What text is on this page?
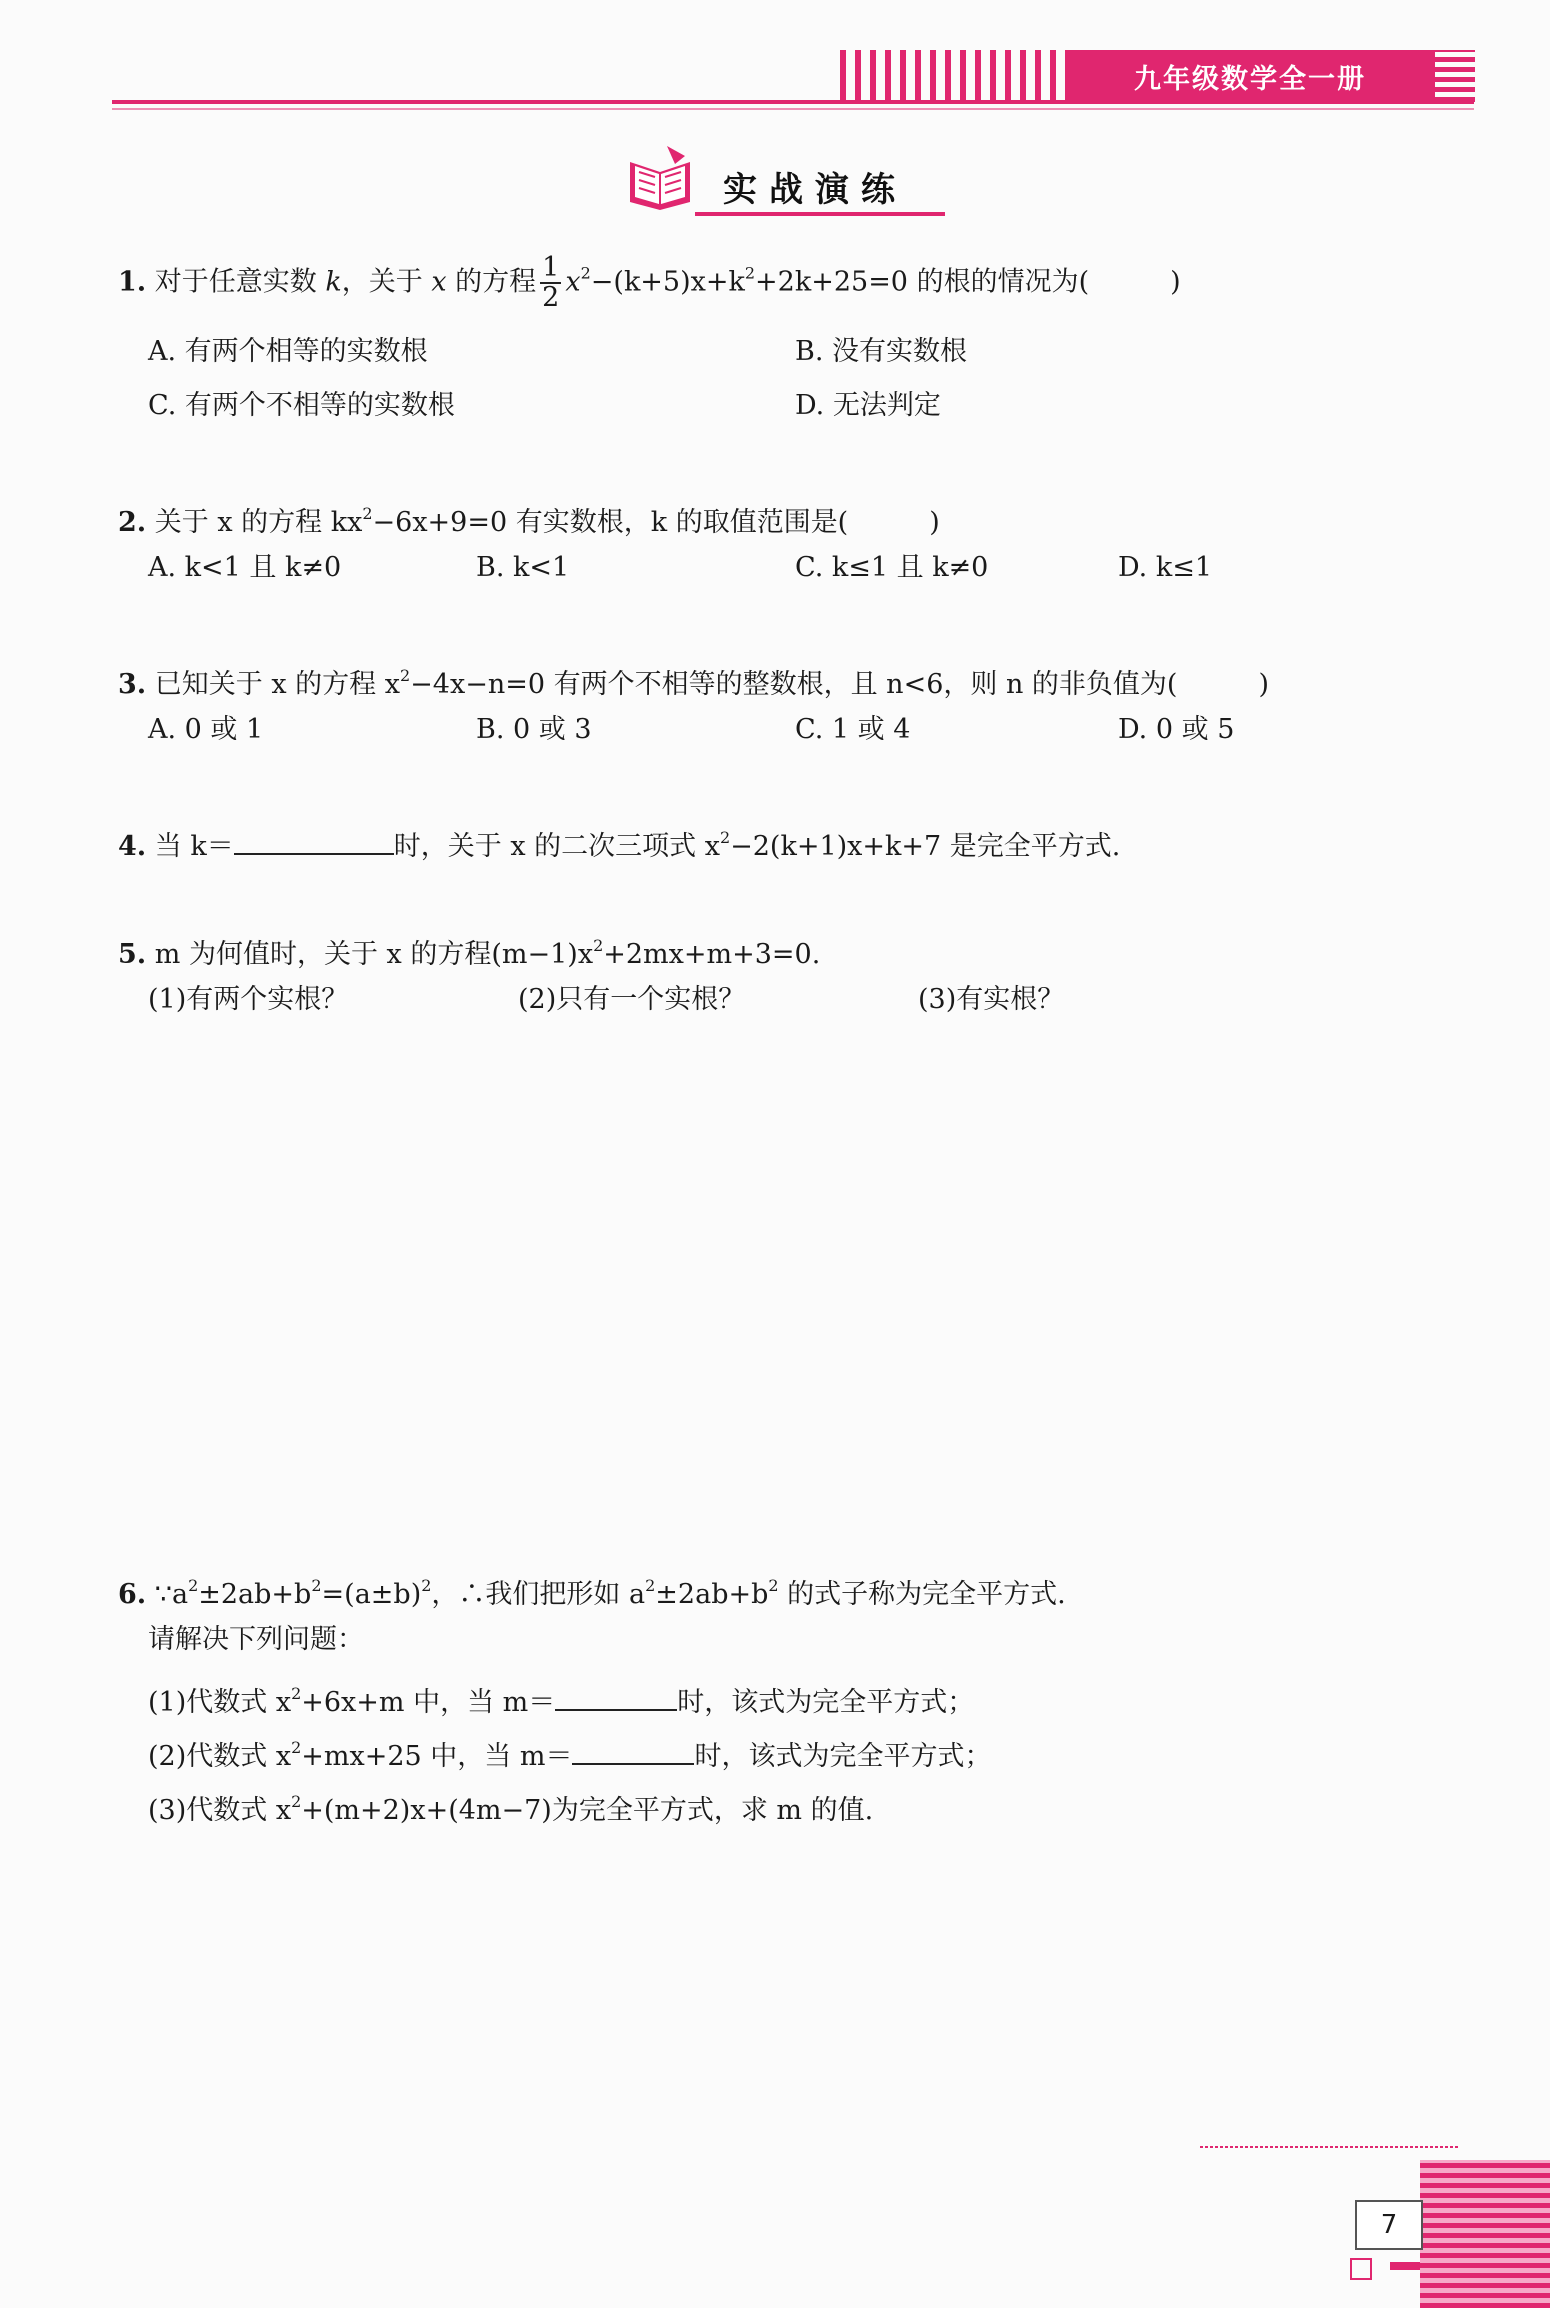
九年级数学全一册
实战演练
1. 对于任意实数 k，关于 x 的方程 $\frac{1}{2} x^2-(k+5)x+k^2+2k+25=0$ 的根的情况为(　　　)
A. 有两个相等的实数根	B. 没有实数根
C. 有两个不相等的实数根	D. 无法判定
2. 关于 x 的方程 $kx^2-6x+9=0$ 有实数根，k 的取值范围是(　　　)
A. k<1 且 k≠0	B. k<1	C. k≤1 且 k≠0	D. k≤1
3. 已知关于 x 的方程 $x^2-4x-n=0$ 有两个不相等的整数根，且 n<6，则 n 的非负值为(　　　)
A. 0 或 1	B. 0 或 3	C. 1 或 4	D. 0 或 5
4. 当 k＝	时，关于 x 的二次三项式 $x^2-2(k+1)x+k+7$ 是完全平方式.
5. m 为何值时，关于 x 的方程$(m-1)x^2+2mx+m+3=0$.
(1)有两个实根？	(2)只有一个实根？	(3)有实根？
6. $\because a^2\pm 2ab+b^2=(a\pm b)^2$，∴我们把形如 $a^2\pm 2ab+b^2$ 的式子称为完全平方式.
请解决下列问题：
(1)代数式 $x^2+6x+m$ 中，当 m＝	时，该式为完全平方式；
(2)代数式 $x^2+mx+25$ 中，当 m＝	时，该式为完全平方式；
(3)代数式 $x^2+(m+2)x+(4m-7)$为完全平方式，求 m 的值.
7
